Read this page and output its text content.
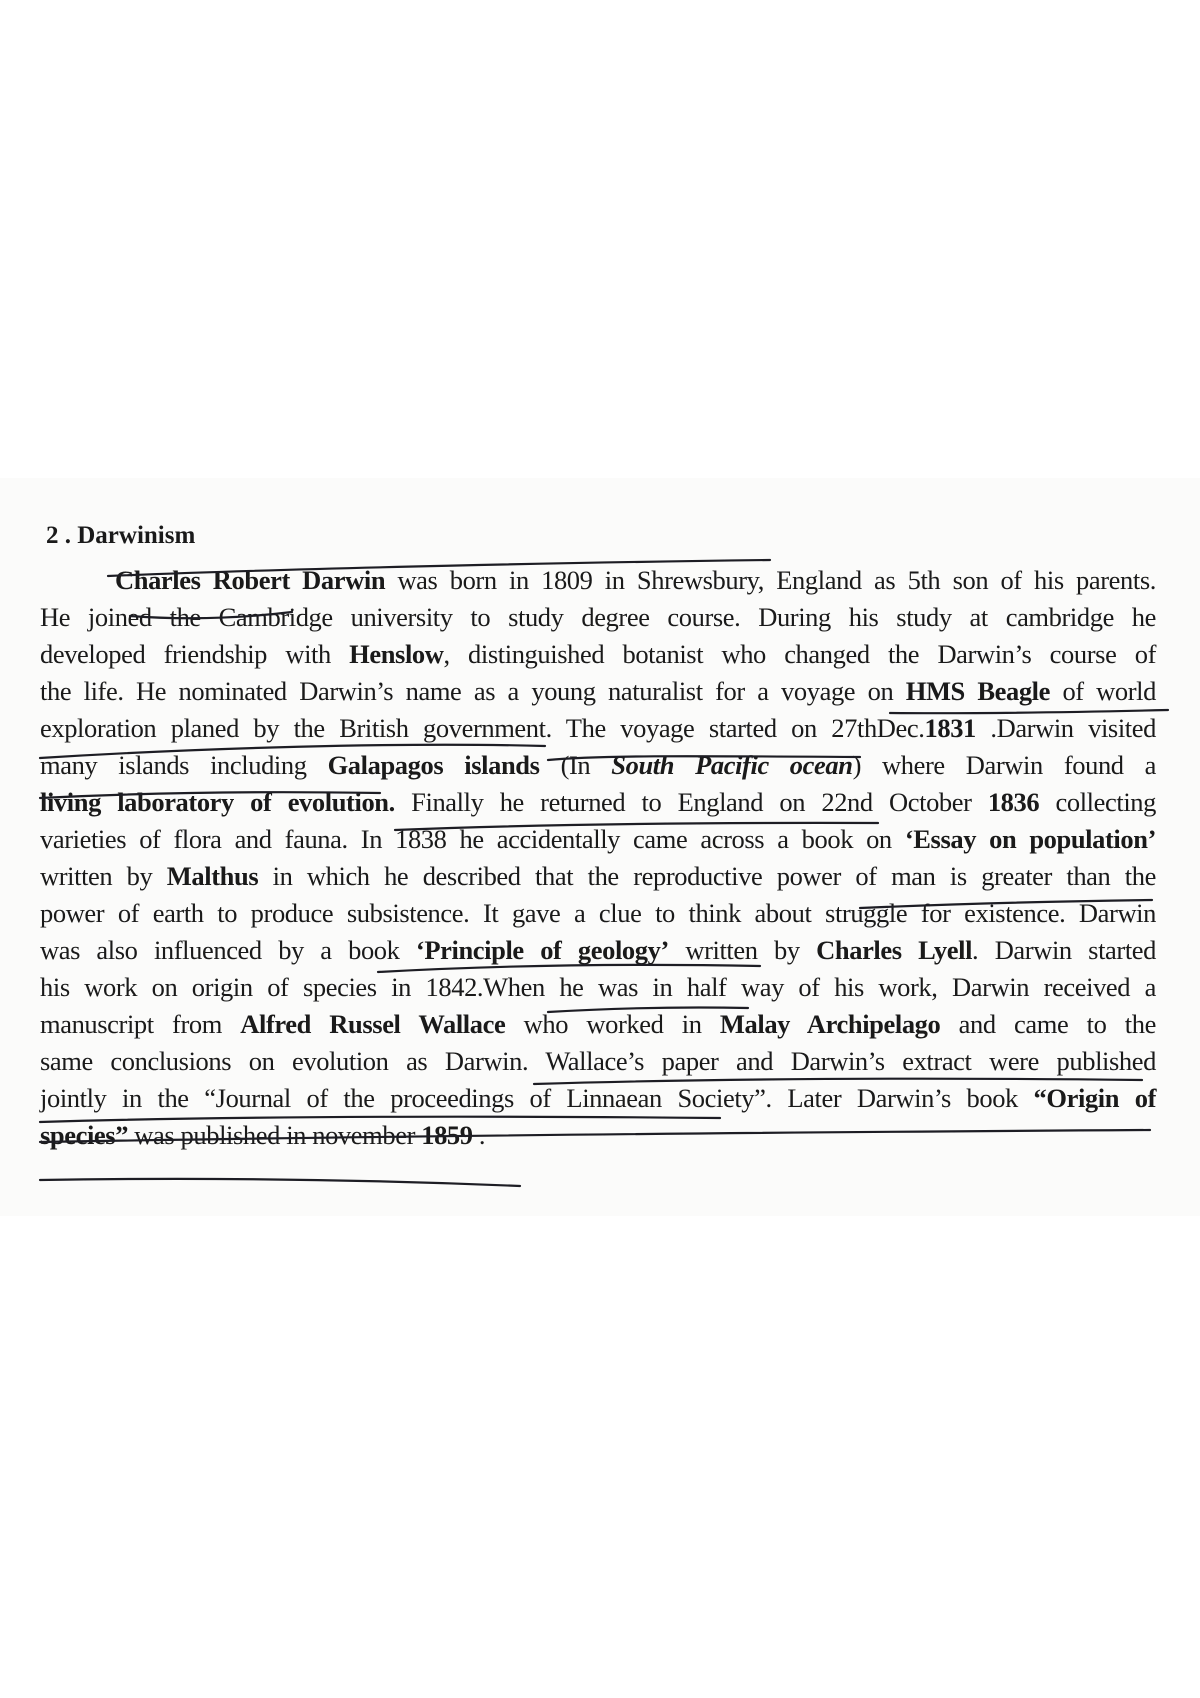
2 . Darwinism
Charles Robert Darwin was born in 1809 in Shrewsbury, England as 5th son of his parents.
He joined the Cambridge university to study degree course. During his study at cambridge he
developed friendship with Henslow, distinguished botanist who changed the Darwin’s course of
the life. He nominated Darwin’s name as a young naturalist for a voyage on HMS Beagle of world
exploration planed by the British government. The voyage started on 27thDec.1831 .Darwin visited
many islands including Galapagos islands (In South Pacific ocean) where Darwin found a
living laboratory of evolution. Finally he returned to England on 22nd October 1836 collecting
varieties of flora and fauna. In 1838 he accidentally came across a book on ‘Essay on population’
written by Malthus in which he described that the reproductive power of man is greater than the
power of earth to produce subsistence. It gave a clue to think about struggle for existence. Darwin
was also influenced by a book ‘Principle of geology’ written by Charles Lyell. Darwin started
his work on origin of species in 1842.When he was in half way of his work, Darwin received a
manuscript from Alfred Russel Wallace who worked in Malay Archipelago and came to the
same conclusions on evolution as Darwin. Wallace’s paper and Darwin’s extract were published
jointly in the “Journal of the proceedings of Linnaean Society”. Later Darwin’s book “Origin of
species” was published in november 1859 .
